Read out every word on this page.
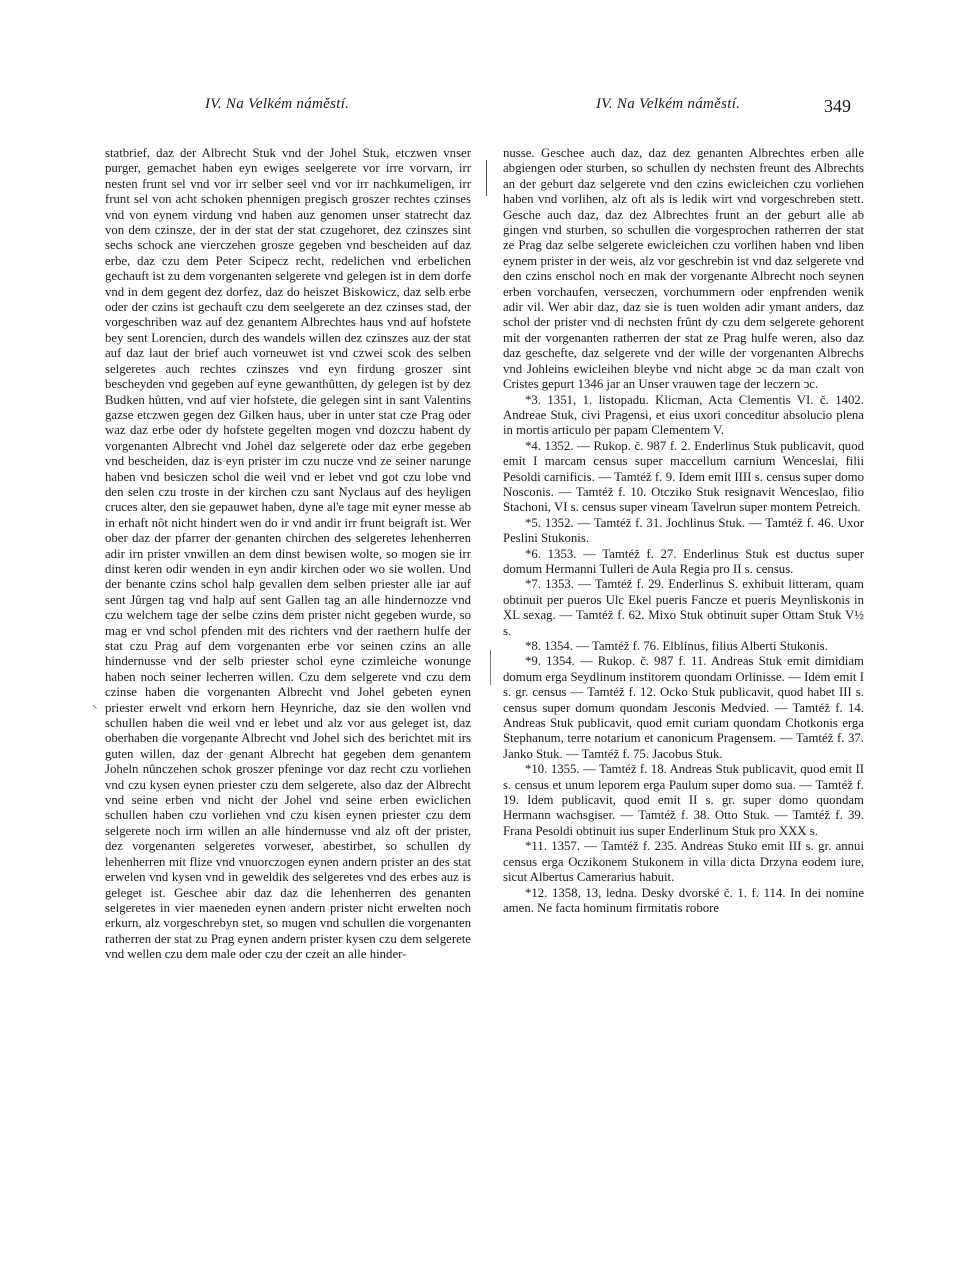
IV. Na Velkém náměstí.	IV. Na Velkém náměstí.	349

statbrief, daz der Albrecht Stuk vnd der Johel Stuk, etczwen vnser purger, gemachet haben eyn ewiges seelgerete vor irre vorvarn, irr nesten frunt sel vnd vor irr selber seel vnd vor irr nachkumeligen, irr frunt sel von acht schoken phennigen pregisch groszer rechtes czinses vnd von eynem virdung vnd haben auz genomen unser statrecht daz von dem czinsze, der in der stat der stat czugehoret, dez czinszes sint sechs schock ane vierczehen grosze gegeben vnd bescheiden auf daz erbe, daz czu dem Peter Scipecz recht, redelichen vnd erbelichen gechauft ist zu dem vorgenanten selgerete vnd gelegen ist in dem dorfe vnd in dem gegent dez dorfez, daz do heiszet Biskowicz, daz selb erbe oder der czins ist gechauft czu dem seelgerete an dez czinses stad, der vorgeschriben waz auf dez genantem Albrechtes haus vnd auf hofstete bey sent Lorencien, durch des wandels willen dez czinszes auz der stat auf daz laut der brief auch vorneuwet ist vnd czwei scok des selben selgeretes auch rechtes czinszes vnd eyn firdung groszer sint bescheyden vnd gegeben auf eyne gewanthûtten, dy gelegen ist by dez Budken hûtten, vnd auf vier hofstete, die gelegen sint in sant Valentins gazse etczwen gegen dez Gilken haus, uber in unter stat cze Prag oder waz daz erbe oder dy hofstete gegelten mogen vnd dozczu habent dy vorgenanten Albrecht vnd Johel daz selgerete oder daz erbe gegeben vnd bescheiden, daz is eyn prister im czu nucze vnd ze seiner narunge haben vnd besiczen schol die weil vnd er lebet vnd got czu lobe vnd den selen czu troste in der kirchen czu sant Nyclaus auf des heyligen cruces alter, den sie gepauwet haben, dyne al'e tage mit eyner messe ab in erhaft nôt nicht hindert wen do ir vnd andir irr frunt beigraft ist. Wer ober daz der pfarrer der genanten chirchen des selgeretes lehenherren adir irn prister vnwillen an dem dinst bewisen wolte, so mogen sie irr dinst keren odir wenden in eyn andir kirchen oder wo sie wollen. Und der benante czins schol halp gevallen dem selben priester alle iar auf sent Jûrgen tag vnd halp auf sent Gallen tag an alle hindernozze vnd czu welchem tage der selbe czins dem prister nicht gegeben wurde, so mag er vnd schol pfenden mit des richters vnd der raethern hulfe der stat czu Prag auf dem vorgenanten erbe vor seinen czins an alle hindernusse vnd der selb priester schol eyne czimleiche wonunge haben noch seiner lecherren willen. Czu dem selgerete vnd czu dem czinse haben die vorgenanten Albrecht vnd Johel gebeten eynen priester erwelt vnd erkorn hern Heynriche, daz sie den wollen vnd schullen haben die weil vnd er lebet und alz vor aus geleget ist, daz oberhaben die vorgenante Albrecht vnd Johel sich des berichtet mit irs guten willen, daz der genant Albrecht hat gegeben dem genantem Joheln nûnczehen schok groszer pfeninge vor daz recht czu vorliehen vnd czu kysen eynen priester czu dem selgerete, also daz der Albrecht vnd seine erben vnd nicht der Johel vnd seine erben ewiclichen schullen haben czu vorliehen vnd czu kisen eynen priester czu dem selgerete noch irm willen an alle hindernusse vnd alz oft der prister, dez vorgenanten selgeretes vorweser, abestirbet, so schullen dy lehenherren mit flize vnd vnuorczogen eynen andern prister an des stat erwelen vnd kysen vnd in geweldik des selgeretes vnd des erbes auz is geleget ist. Geschee abir daz daz die lehenherren des genanten selgeretes in vier maeneden eynen andern prister nicht erwelten noch erkurn, alz vorgeschrebyn stet, so mugen vnd schullen die vorgenanten ratherren der stat zu Prag eynen andern prister kysen czu dem selgerete vnd wellen czu dem male oder czu der czeit an alle hinder-

⸜

nusse. Geschee auch daz, daz dez genanten Albrechtes erben alle abgiengen oder sturben, so schullen dy nechsten freunt des Albrechts an der geburt daz selgerete vnd den czins ewicleichen czu vorliehen haben vnd vorlihen, alz oft als is ledik wirt vnd vorgeschreben stett. Gesche auch daz, daz dez Albrechtes frunt an der geburt alle ab gingen vnd sturben, so schullen die vorgesprochen ratherren der stat ze Prag daz selbe selgerete ewicleichen czu vorlihen haben vnd liben eynem prister in der weis, alz vor geschrebin ist vnd daz selgerete vnd den czins enschol noch en mak der vorgenante Albrecht noch seynen erben vorchaufen, verseczen, vorchummern oder enpfrenden wenik adir vil. Wer abir daz, daz sie is tuen wolden adir ymant anders, daz schol der prister vnd di nechsten frûnt dy czu dem selgerete gehorent mit der vorgenanten ratherren der stat ze Prag hulfe weren, also daz daz geschefte, daz selgerete vnd der wille der vorgenanten Albrechs vnd Johleins ewicleihen bleybe vnd nicht abge ↄc da man czalt von Cristes gepurt 1346 jar an Unser vrauwen tage der leczern ↄc.

*3. 1351, 1. listopadu. Klicman, Acta Clementis VI. č. 1402. Andreae Stuk, civi Pragensi, et eius uxori conceditur absolucio plena in mortis articulo per papam Clementem V.

*4. 1352. — Rukop. č. 987 f. 2. Enderlinus Stuk publicavit, quod emit I marcam census super maccellum carnium Wenceslai, filii Pesoldi carnificis. — Tamtéž f. 9. Idem emit IIII s. census super domo Nosconis. — Tamtéž f. 10. Otcziko Stuk resignavit Wenceslao, filio Stachoni, VI s. census super vineam Tavelrun super montem Petreich.

*5. 1352. — Tamtéž f. 31. Jochlinus Stuk. — Tamtéž f. 46. Uxor Peslini Stukonis.

*6. 1353. — Tamtéž f. 27. Enderlinus Stuk est ductus super domum Hermanni Tulleri de Aula Regia pro II s. census.

*7. 1353. — Tamtéž f. 29. Enderlinus S. exhibuit litteram, quam obtinuit per pueros Ulc Ekel pueris Fancze et pueris Meynliskonis in XL sexag. — Tamtéž f. 62. Mixo Stuk obtinuit super Ottam Stuk V½ s.

*8. 1354. — Tamtéž f. 76. Elblinus, filius Alberti Stukonis.

*9. 1354. — Rukop. č. 987 f. 11. Andreas Stuk emit dimidiam domum erga Seydlinum institorem quondam Orlinisse. — Idem emit I s. gr. census — Tamtéž f. 12. Ocko Stuk publicavit, quod habet III s. census super domum quondam Jesconis Medvied. — Tamtéž f. 14. Andreas Stuk publicavit, quod emit curiam quondam Chotkonis erga Stephanum, terre notarium et canonicum Pragensem. — Tamtéž f. 37. Janko Stuk. — Tamtéž f. 75. Jacobus Stuk.

*10. 1355. — Tamtéž f. 18. Andreas Stuk publicavit, quod emit II s. census et unum leporem erga Paulum super domo sua. — Tamtéž f. 19. Idem publicavit, quod emit II s. gr. super domo quondam Hermann wachsgiser. — Tamtéž f. 38. Otto Stuk. — Tamtéž f. 39. Frana Pesoldi obtinuit ius super Enderlinum Stuk pro XXX s.

*11. 1357. — Tamtéž f. 235. Andreas Stuko emit III s. gr. annui census erga Oczikonem Stukonem in villa dicta Drzyna eodem iure, sicut Albertus Camerarius habuit.

*12. 1358, 13, ledna. Desky dvorské č. 1. f. 114. In dei nomine amen. Ne facta hominum firmitatis robore
